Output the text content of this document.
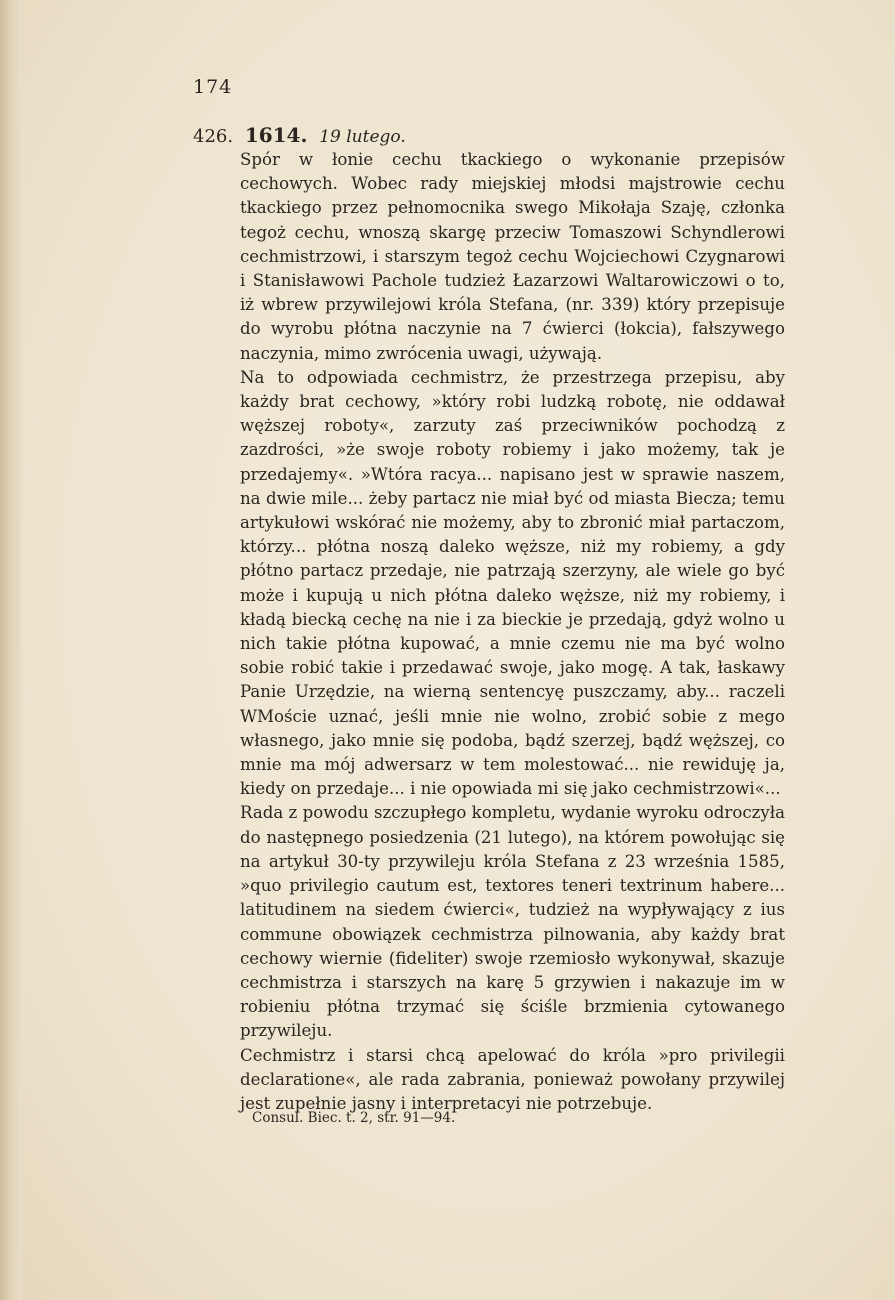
174
426. 1614. 19 lutego.

Spór w łonie cechu tkackiego o wykonanie przepisów cechowych. Wobec rady miejskiej młodsi majstrowie cechu tkackiego przez pełnomocnika swego Mikołaja Szaję, członka tegoż cechu, wnoszą skargę przeciw Tomaszowi Schyndlerowi cechmistrzowi, i starszym tegoż cechu Wojciechowi Czygnarowi i Stanisławowi Pachole tudzież Łazarzowi Waltarowiczowi o to, iż wbrew przywilejowi króla Stefana, (nr. 339) który przepisuje do wyrobu płótna naczynie na 7 ćwierci (łokcia), fałszywego naczynia, mimo zwrócenia uwagi, używają.

Na to odpowiada cechmistrz, że przestrzega przepisu, aby każdy brat cechowy, »który robi ludzką robotę, nie oddawał węższej roboty«, zarzuty zaś przeciwników pochodzą z zazdrości, »że swoje roboty robiemy i jako możemy, tak je przedajemy«. »Wtóra racya... napisano jest w sprawie naszem, na dwie mile... żeby partacz nie miał być od miasta Biecza; temu artykułowi wskórać nie możemy, aby to zbronić miał partaczom, którzy... płótna noszą daleko węższe, niż my robiemy, a gdy płótno partacz przedaje, nie patrzają szerzyny, ale wiele go być może i kupują u nich płótna daleko węższe, niż my robiemy, i kładą biecką cechę na nie i za bieckie je przedają, gdyż wolno u nich takie płótna kupować, a mnie czemu nie ma być wolno sobie robić takie i przedawać swoje, jako mogę. A tak, łaskawy Panie Urzędzie, na wierną sentencyę puszczamy, aby... raczeli WMoście uznać, jeśli mnie nie wolno, zrobić sobie z mego własnego, jako mnie się podoba, bądź szerzej, bądź węższej, co mnie ma mój adwersarz w tem molestować... nie rewiduję ja, kiedy on przedaje... i nie opowiada mi się jako cechmistrzowi«...

Rada z powodu szczupłego kompletu, wydanie wyroku odroczyła do następnego posiedzenia (21 lutego), na którem powołując się na artykuł 30-ty przywileju króla Stefana z 23 września 1585, »quo privilegio cautum est, textores teneri textrinum habere... latitudinem na siedem ćwierci«, tudzież na wypływający z ius commune obowiązek cechmistrza pilnowania, aby każdy brat cechowy wiernie (fideliter) swoje rzemiosło wykonywał, skazuje cechmistrza i starszych na karę 5 grzywien i nakazuje im w robieniu płótna trzymać się ściśle brzmienia cytowanego przywileju.

Cechmistrz i starsi chcą apelować do króla »pro privilegii declaratione«, ale rada zabrania, ponieważ powołany przywilej jest zupełnie jasny i interpretacyi nie potrzebuje.

Consul. Biec. t. 2, str. 91—94.
